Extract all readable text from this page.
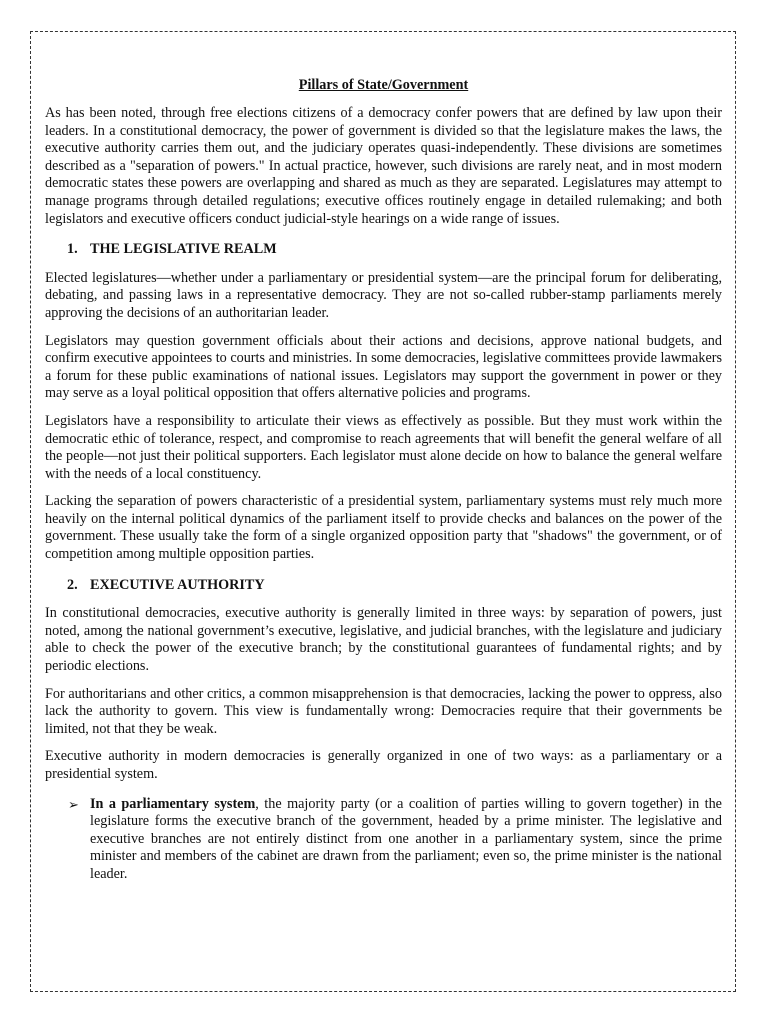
Pillars of State/Government

As has been noted, through free elections citizens of a democracy confer powers that are defined by law upon their leaders. In a constitutional democracy, the power of government is divided so that the legislature makes the laws, the executive authority carries them out, and the judiciary operates quasi-independently. These divisions are sometimes described as a "separation of powers." In actual practice, however, such divisions are rarely neat, and in most modern democratic states these powers are overlapping and shared as much as they are separated. Legislatures may attempt to manage programs through detailed regulations; executive offices routinely engage in detailed rulemaking; and both legislators and executive officers conduct judicial-style hearings on a wide range of issues.

1. THE LEGISLATIVE REALM

Elected legislatures—whether under a parliamentary or presidential system—are the principal forum for deliberating, debating, and passing laws in a representative democracy. They are not so-called rubber-stamp parliaments merely approving the decisions of an authoritarian leader.

Legislators may question government officials about their actions and decisions, approve national budgets, and confirm executive appointees to courts and ministries. In some democracies, legislative committees provide lawmakers a forum for these public examinations of national issues. Legislators may support the government in power or they may serve as a loyal political opposition that offers alternative policies and programs.

Legislators have a responsibility to articulate their views as effectively as possible. But they must work within the democratic ethic of tolerance, respect, and compromise to reach agreements that will benefit the general welfare of all the people—not just their political supporters. Each legislator must alone decide on how to balance the general welfare with the needs of a local constituency.

Lacking the separation of powers characteristic of a presidential system, parliamentary systems must rely much more heavily on the internal political dynamics of the parliament itself to provide checks and balances on the power of the government. These usually take the form of a single organized opposition party that "shadows" the government, or of competition among multiple opposition parties.

2. EXECUTIVE AUTHORITY

In constitutional democracies, executive authority is generally limited in three ways: by separation of powers, just noted, among the national government’s executive, legislative, and judicial branches, with the legislature and judiciary able to check the power of the executive branch; by the constitutional guarantees of fundamental rights; and by periodic elections.

For authoritarians and other critics, a common misapprehension is that democracies, lacking the power to oppress, also lack the authority to govern. This view is fundamentally wrong: Democracies require that their governments be limited, not that they be weak.

Executive authority in modern democracies is generally organized in one of two ways: as a parliamentary or a presidential system.

➢ In a parliamentary system, the majority party (or a coalition of parties willing to govern together) in the legislature forms the executive branch of the government, headed by a prime minister. The legislative and executive branches are not entirely distinct from one another in a parliamentary system, since the prime minister and members of the cabinet are drawn from the parliament; even so, the prime minister is the national leader.
